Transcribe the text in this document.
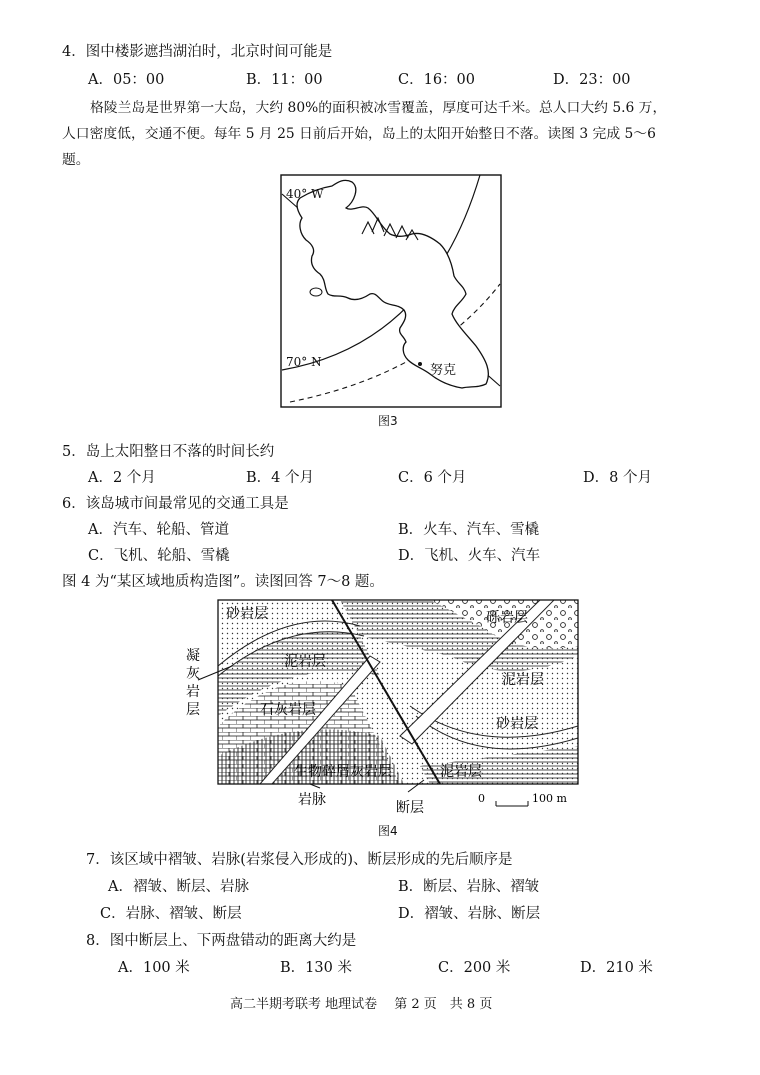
4．图中楼影遮挡湖泊时，北京时间可能是
A．05：00	B．11：00	C．16：00	D．23：00
格陵兰岛是世界第一大岛，大约 80%的面积被冰雪覆盖，厚度可达千米。总人口大约 5.6 万，
人口密度低，交通不便。每年 5 月 25 日前后开始，岛上的太阳开始整日不落。读图 3 完成 5～6
题。
40° W
70° N
努克
图3
5．岛上太阳整日不落的时间长约
A．2 个月	B．4 个月	C．6 个月	D．8 个月
6．该岛城市间最常见的交通工具是
A．汽车、轮船、管道	B．火车、汽车、雪橇
C．飞机、轮船、雪橇	D．飞机、火车、汽车
图 4 为“某区域地质构造图”。读图回答 7～8 题。
砂岩层	砾岩层
凝
灰
岩
层
泥岩层
泥岩层
石灰岩层
砂岩层
生物碎屑灰岩层	泥岩层
岩脉	断层
0	100 m
图4
7．该区域中褶皱、岩脉(岩浆侵入形成的)、断层形成的先后顺序是
A．褶皱、断层、岩脉	B．断层、岩脉、褶皱
C．岩脉、褶皱、断层	D．褶皱、岩脉、断层
8．图中断层上、下两盘错动的距离大约是
A．100 米	B．130 米	C．200 米	D．210 米
高二半期考联考 地理试卷　 第 2 页　共 8 页
